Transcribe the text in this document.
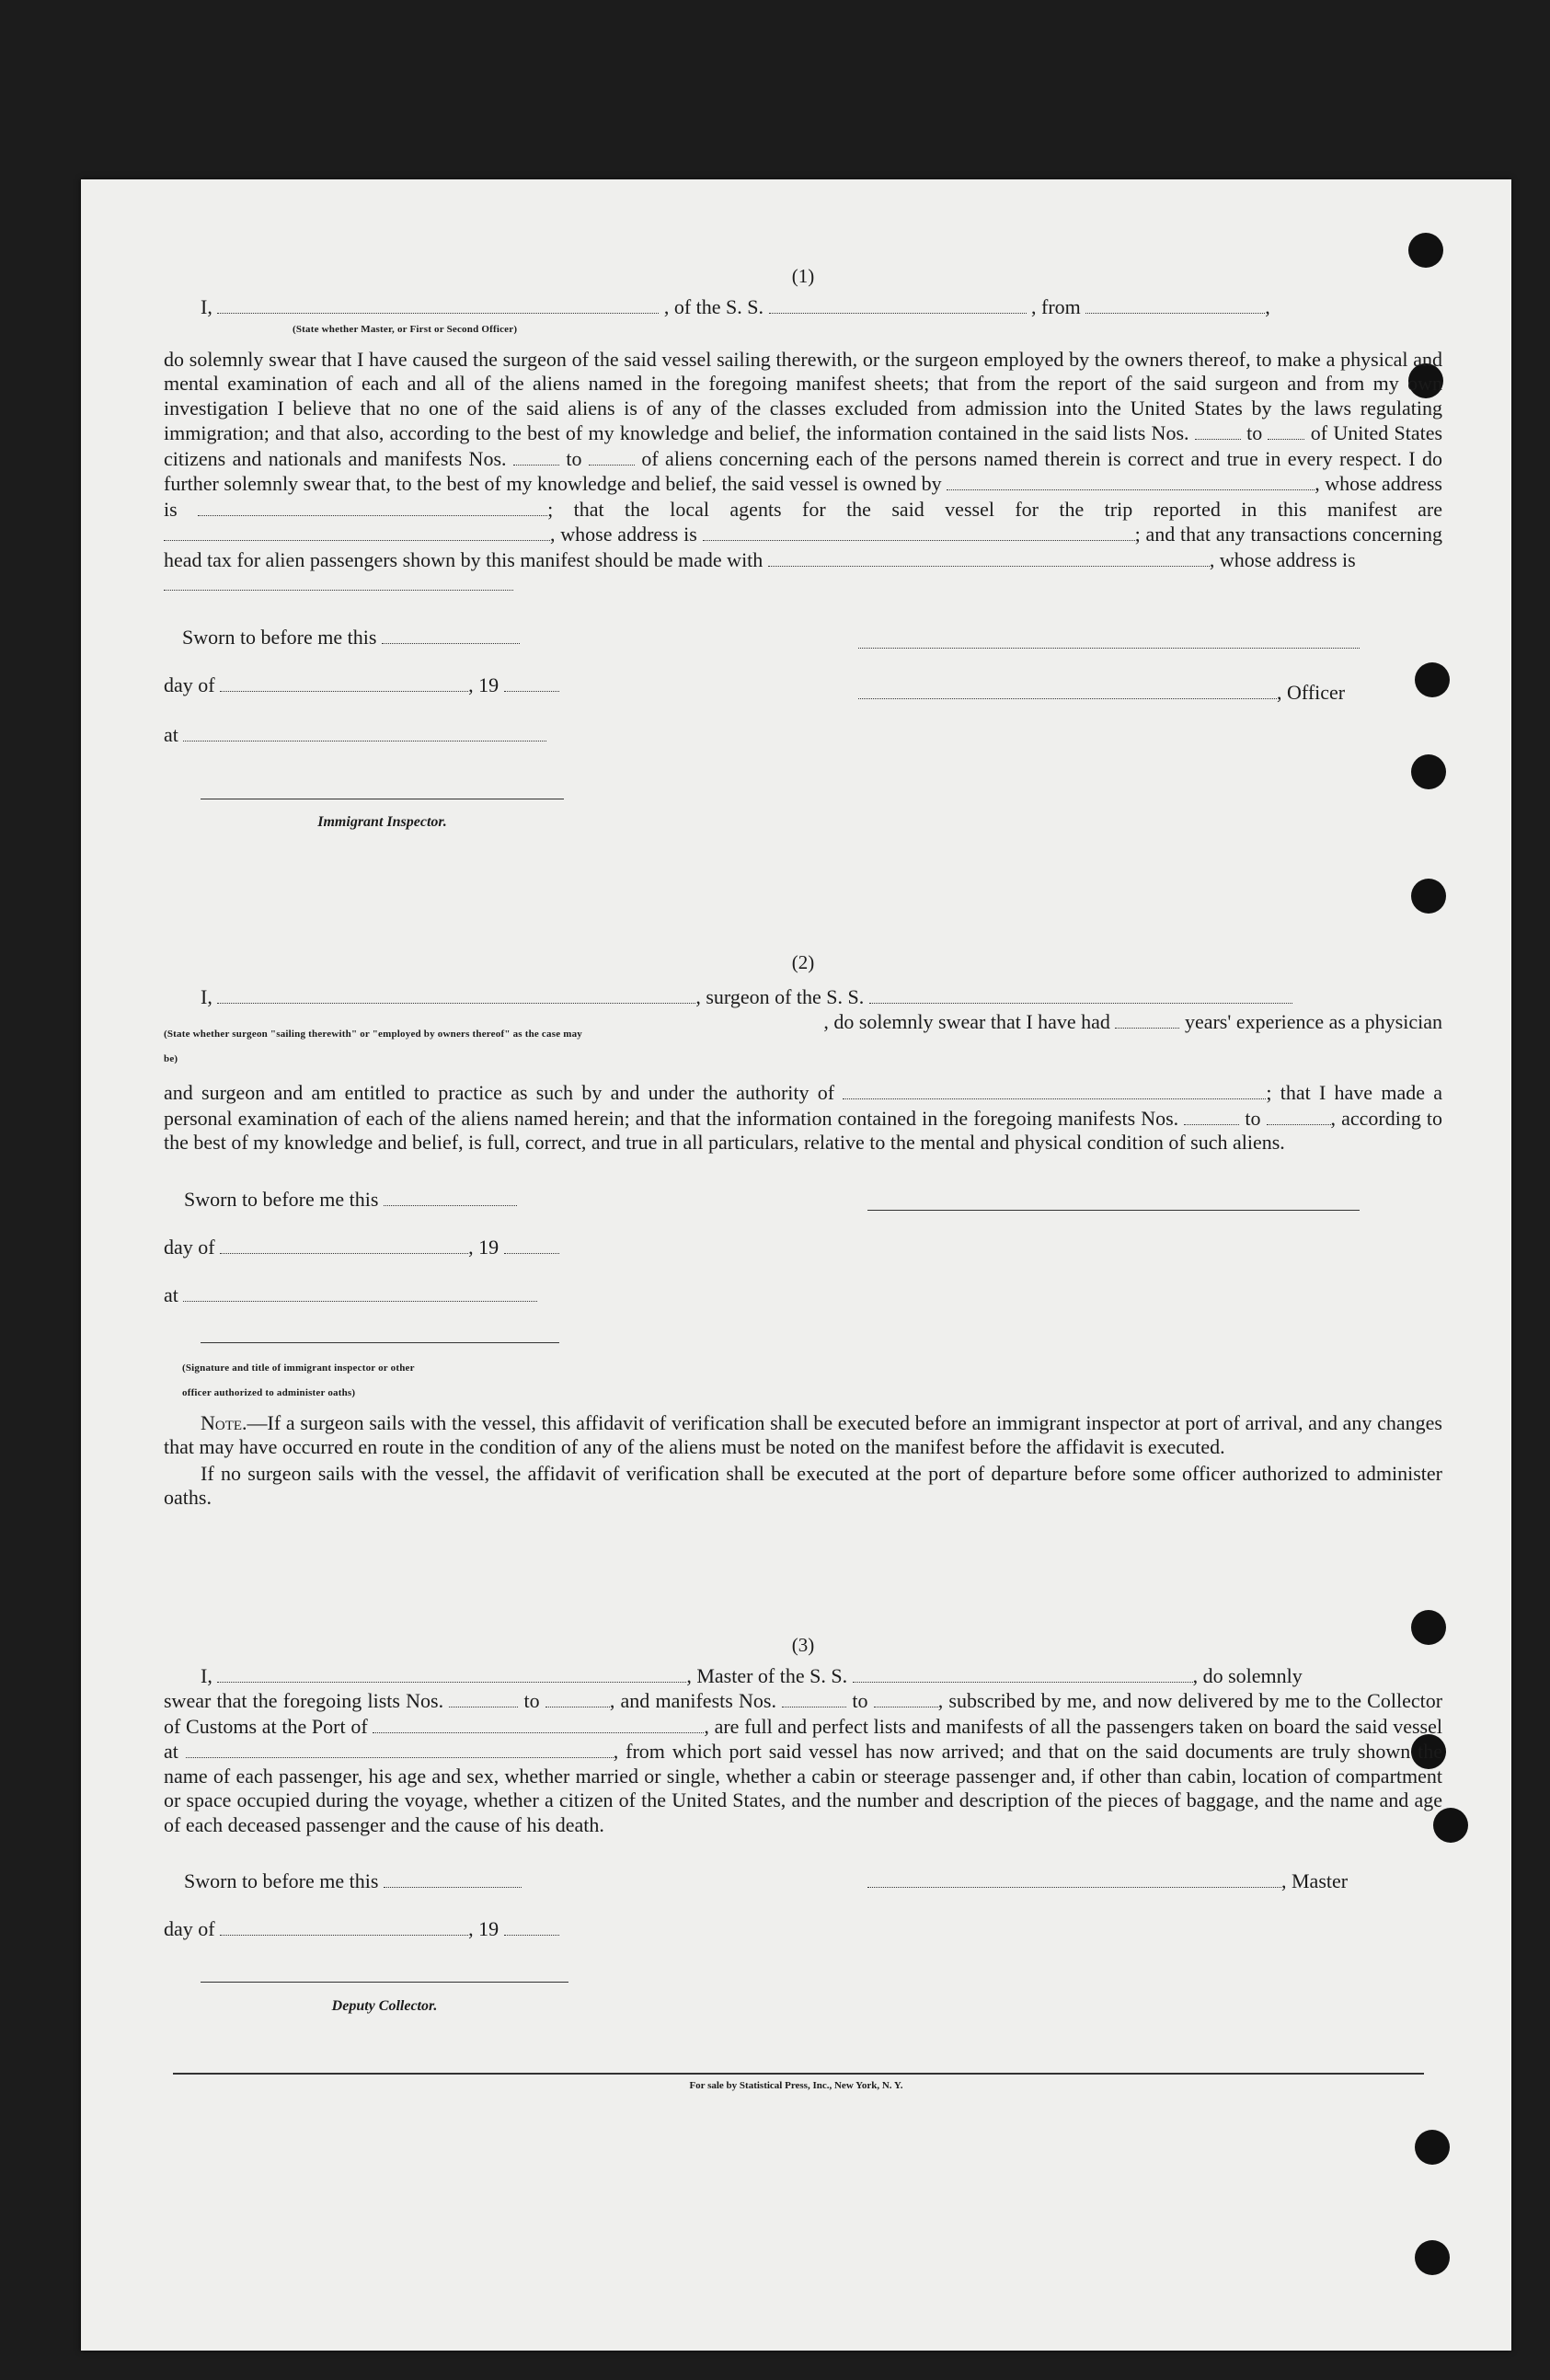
(1)
I,	, of the S. S.	, from	,
(State whether Master, or First or Second Officer)
do solemnly swear that I have caused the surgeon of the said vessel sailing therewith, or the surgeon employed by the owners thereof, to make a physical and mental examination of each and all of the aliens named in the foregoing manifest sheets; that from the report of the said surgeon and from my own investigation I believe that no one of the said aliens is of any of the classes excluded from admission into the United States by the laws regulating immigration; and that also, according to the best of my knowledge and belief, the information contained in the said lists Nos.	to of United States citizens and nationals and manifests Nos.	to	of aliens concerning each of the persons named therein is correct and true in every respect. I do further solemnly swear that, to the best of my knowledge and belief, the said vessel is owned by	, whose address is	; that the local agents for the said vessel for the trip reported in this manifest are , whose address is	; and that any transactions concerning head tax for alien passengers shown by this manifest should be made with	, whose address is
Sworn to before me this
day of	, 19
at
Immigrant Inspector.
, Officer
(2)
I,	, surgeon of the S. S.
(State whether surgeon "sailing therewith" or "employed by owners thereof" as the case may be)
, do solemnly swear that I have had	years' experience as a physician
and surgeon and am entitled to practice as such by and under the authority of	; that I have made a personal examination of each of the aliens named herein; and that the information contained in the foregoing manifests Nos.	to	, according to the best of my knowledge and belief, is full, correct, and true in all particulars, relative to the mental and physical condition of such aliens.
Sworn to before me this
day of	, 19
at
(Signature and title of immigrant inspector or other officer authorized to administer oaths)
Note.—If a surgeon sails with the vessel, this affidavit of verification shall be executed before an immigrant inspector at port of arrival, and any changes that may have occurred en route in the condition of any of the aliens must be noted on the manifest before the affidavit is executed.
If no surgeon sails with the vessel, the affidavit of verification shall be executed at the port of departure before some officer authorized to administer oaths.
(3)
I,	, Master of the S. S.	, do solemnly
swear that the foregoing lists Nos.	to	, and manifests Nos.	to	, subscribed by me, and now delivered by me to the Collector of Customs at the Port of	, are full and perfect lists and manifests of all the passengers taken on board the said vessel at	, from which port said vessel has now arrived; and that on the said documents are truly shown the name of each passenger, his age and sex, whether married or single, whether a cabin or steerage passenger and, if other than cabin, location of compartment or space occupied during the voyage, whether a citizen of the United States, and the number and description of the pieces of baggage, and the name and age of each deceased passenger and the cause of his death.
Sworn to before me this
day of	, 19
Deputy Collector.
, Master
For sale by Statistical Press, Inc., New York, N. Y.
